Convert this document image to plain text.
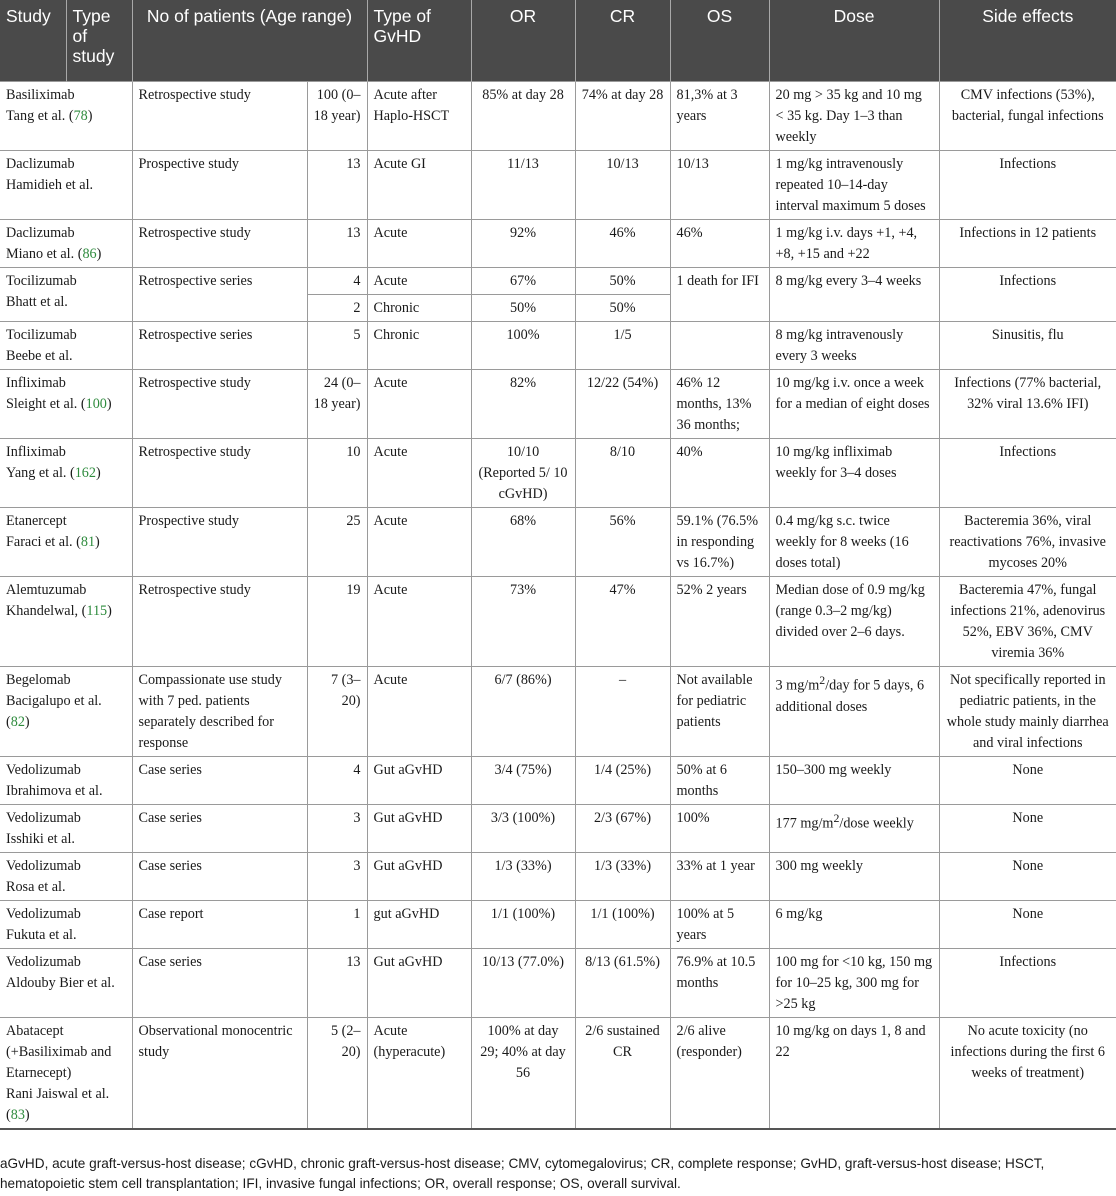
Study	Type of study	No of patients (Age range)		Type of GvHD	OR	CR	OS	Dose	Side effects

Basiliximab
Tang et al. (78)		Retrospective study	100 (0–18 year)	Acute after Haplo-HSCT	85% at day 28	74% at day 28	81,3% at 3 years	20 mg > 35 kg and 10 mg < 35 kg. Day 1–3 than weekly	CMV infections (53%), bacterial, fungal infections

Daclizumab
Hamidieh et al.		Prospective study	13	Acute GI	11/13	10/13	10/13	1 mg/kg intravenously repeated 10–14-day interval maximum 5 doses	Infections

Daclizumab
Miano et al. (86)		Retrospective study	13	Acute	92%	46%	46%	1 mg/kg i.v. days +1, +4, +8, +15 and +22	Infections in 12 patients

Tocilizumab
Bhatt et al.		Retrospective series	4	Acute	67%	50%	1 death for IFI	8 mg/kg every 3–4 weeks	Infections
			2	Chronic	50%	50%			

Tocilizumab
Beebe et al.		Retrospective series	5	Chronic	100%	1/5		8 mg/kg intravenously every 3 weeks	Sinusitis, flu

Infliximab
Sleight et al. (100)		Retrospective study	24 (0–18 year)	Acute	82%	12/22 (54%)	46% 12 months, 13% 36 months;	10 mg/kg i.v. once a week for a median of eight doses	Infections (77% bacterial, 32% viral 13.6% IFI)

Infliximab
Yang et al. (162)		Retrospective study	10	Acute	10/10 (Reported 5/ 10 cGvHD)	8/10	40%	10 mg/kg infliximab weekly for 3–4 doses	Infections

Etanercept
Faraci et al. (81)		Prospective study	25	Acute	68%	56%	59.1% (76.5% in responding vs 16.7%)	0.4 mg/kg s.c. twice weekly for 8 weeks (16 doses total)	Bacteremia 36%, viral reactivations 76%, invasive mycoses 20%

Alemtuzumab
Khandelwal, (115)		Retrospective study	19	Acute	73%	47%	52% 2 years	Median dose of 0.9 mg/kg (range 0.3–2 mg/kg) divided over 2–6 days.	Bacteremia 47%, fungal infections 21%, adenovirus 52%, EBV 36%, CMV viremia 36%

Begelomab
Bacigalupo et al. (82)		Compassionate use study with 7 ped. patients separately described for response	7 (3–20)	Acute	6/7 (86%)	–	Not available for pediatric patients	3 $mg/m^2$/day for 5 days, 6 additional doses	Not specifically reported in pediatric patients, in the whole study mainly diarrhea and viral infections

Vedolizumab
Ibrahimova et al.		Case series	4	Gut aGvHD	3/4 (75%)	1/4 (25%)	50% at 6 months	150–300 mg weekly	None

Vedolizumab
Isshiki et al.		Case series	3	Gut aGvHD	3/3 (100%)	2/3 (67%)	100%	177 $mg/m^2$/dose weekly	None

Vedolizumab
Rosa et al.		Case series	3	Gut aGvHD	1/3 (33%)	1/3 (33%)	33% at 1 year	300 mg weekly	None

Vedolizumab
Fukuta et al.		Case report	1	gut aGvHD	1/1 (100%)	1/1 (100%)	100% at 5 years	6 mg/kg	None

Vedolizumab
Aldouby Bier et al.		Case series	13	Gut aGvHD	10/13 (77.0%)	8/13 (61.5%)	76.9% at 10.5 months	100 mg for <10 kg, 150 mg for 10–25 kg, 300 mg for >25 kg	Infections

Abatacept (+Basiliximab and Etarnecept)
Rani Jaiswal et al. (83)		Observational monocentric study	5 (2–20)	Acute (hyperacute)	100% at day 29; 40% at day 56	2/6 sustained CR	2/6 alive (responder)	10 mg/kg on days 1, 8 and 22	No acute toxicity (no infections during the first 6 weeks of treatment)
aGvHD, acute graft-versus-host disease; cGvHD, chronic graft-versus-host disease; CMV, cytomegalovirus; CR, complete response; GvHD, graft-versus-host disease; HSCT, hematopoietic stem cell transplantation; IFI, invasive fungal infections; OR, overall response; OS, overall survival.
